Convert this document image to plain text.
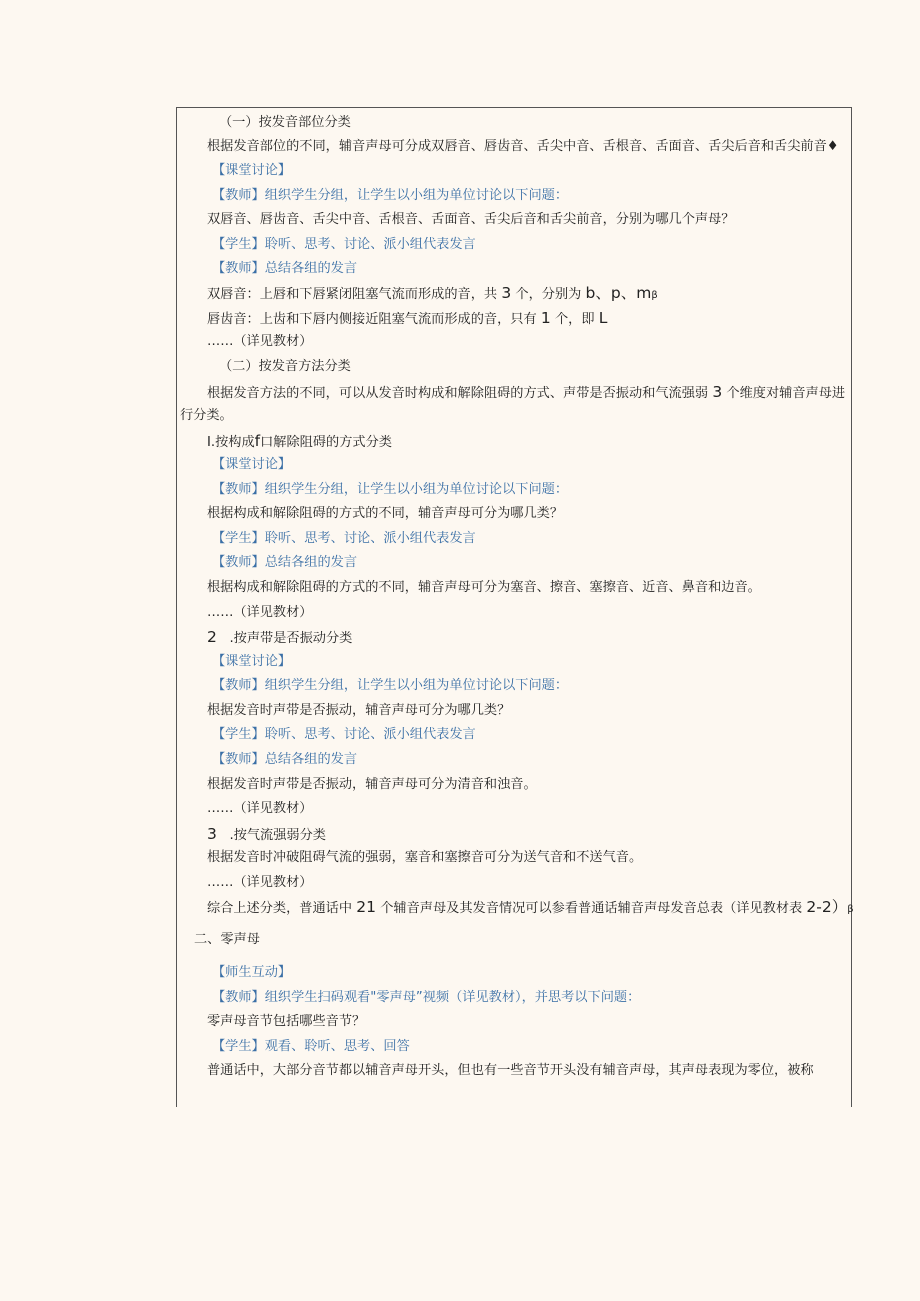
（一）按发音部位分类
根据发音部位的不同，辅音声母可分成双唇音、唇齿音、舌尖中音、舌根音、舌面音、舌尖后音和舌尖前音♦
【课堂讨论】
【教师】组织学生分组，让学生以小组为单位讨论以下问题：
双唇音、唇齿音、舌尖中音、舌根音、舌面音、舌尖后音和舌尖前音，分别为哪几个声母？
【学生】聆听、思考、讨论、派小组代表发言
【教师】总结各组的发言
双唇音：上唇和下唇紧闭阻塞气流而形成的音，共 3 个，分别为 b、p、mβ
唇齿音：上齿和下唇内侧接近阻塞气流而形成的音，只有 1 个，即 L
……（详见教材）
（二）按发音方法分类
根据发音方法的不同，可以从发音时构成和解除阻碍的方式、声带是否振动和气流强弱 3 个维度对辅音声母进
行分类。
I.按构成f口解除阻碍的方式分类
【课堂讨论】
【教师】组织学生分组，让学生以小组为单位讨论以下问题：
根据构成和解除阻碍的方式的不同，辅音声母可分为哪几类？
【学生】聆听、思考、讨论、派小组代表发言
【教师】总结各组的发言
根据构成和解除阻碍的方式的不同，辅音声母可分为塞音、擦音、塞擦音、近音、鼻音和边音。
……（详见教材）
2 .按声带是否振动分类
【课堂讨论】
【教师】组织学生分组，让学生以小组为单位讨论以下问题：
根据发音时声带是否振动，辅音声母可分为哪几类？
【学生】聆听、思考、讨论、派小组代表发言
【教师】总结各组的发言
根据发音时声带是否振动，辅音声母可分为清音和浊音。
……（详见教材）
3 .按气流强弱分类
根据发音时冲破阻碍气流的强弱，塞音和塞擦音可分为送气音和不送气音。
……（详见教材）
综合上述分类，普通话中 21 个辅音声母及其发音情况可以参看普通话辅音声母发音总表（详见教材表 2-2）β
二、零声母
【师生互动】
【教师】组织学生扫码观看"零声母”视频（详见教材），并思考以下问题：
零声母音节包括哪些音节？
【学生】观看、聆听、思考、回答
普通话中，大部分音节都以辅音声母开头，但也有一些音节开头没有辅音声母，其声母表现为零位，被称
